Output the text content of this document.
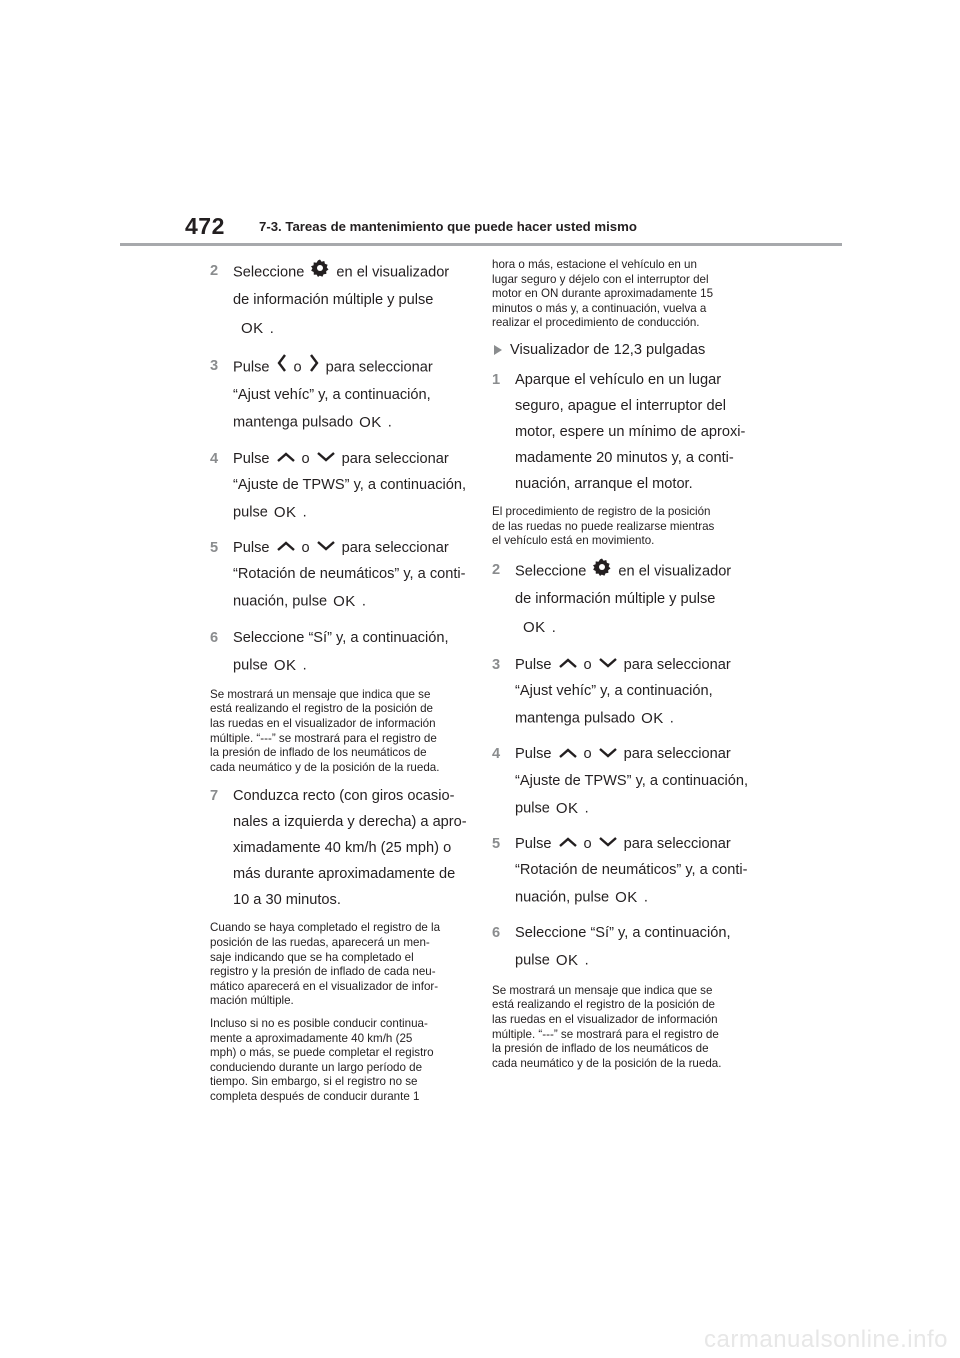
472	7-3. Tareas de mantenimiento que puede hacer usted mismo
2 Seleccione en el visualizador
de información múltiple y pulse
OK .
3 Pulse o para seleccionar
“Ajust vehíc” y, a continuación,
mantenga pulsado OK .
4 Pulse o para seleccionar
“Ajuste de TPWS” y, a continuación,
pulse OK .
5 Pulse o para seleccionar
“Rotación de neumáticos” y, a conti-
nuación, pulse OK .
6 Seleccione “Sí” y, a continuación,
pulse OK .
Se mostrará un mensaje que indica que se
está realizando el registro de la posición de
las ruedas en el visualizador de información
múltiple. “---” se mostrará para el registro de
la presión de inflado de los neumáticos de
cada neumático y de la posición de la rueda.
7 Conduzca recto (con giros ocasio-
nales a izquierda y derecha) a apro-
ximadamente 40 km/h (25 mph) o
más durante aproximadamente de
10 a 30 minutos.
Cuando se haya completado el registro de la
posición de las ruedas, aparecerá un men-
saje indicando que se ha completado el
registro y la presión de inflado de cada neu-
mático aparecerá en el visualizador de infor-
mación múltiple.
Incluso si no es posible conducir continua-
mente a aproximadamente 40 km/h (25
mph) o más, se puede completar el registro
conduciendo durante un largo período de
tiempo. Sin embargo, si el registro no se
completa después de conducir durante 1
hora o más, estacione el vehículo en un
lugar seguro y déjelo con el interruptor del
motor en ON durante aproximadamente 15
minutos o más y, a continuación, vuelva a
realizar el procedimiento de conducción.
Visualizador de 12,3 pulgadas
1 Aparque el vehículo en un lugar
seguro, apague el interruptor del
motor, espere un mínimo de aproxi-
madamente 20 minutos y, a conti-
nuación, arranque el motor.
El procedimiento de registro de la posición
de las ruedas no puede realizarse mientras
el vehículo está en movimiento.
2 Seleccione en el visualizador
de información múltiple y pulse
OK .
3 Pulse o para seleccionar
“Ajust vehíc” y, a continuación,
mantenga pulsado OK .
4 Pulse o para seleccionar
“Ajuste de TPWS” y, a continuación,
pulse OK .
5 Pulse o para seleccionar
“Rotación de neumáticos” y, a conti-
nuación, pulse OK .
6 Seleccione “Sí” y, a continuación,
pulse OK .
Se mostrará un mensaje que indica que se
está realizando el registro de la posición de
las ruedas en el visualizador de información
múltiple. “---” se mostrará para el registro de
la presión de inflado de los neumáticos de
cada neumático y de la posición de la rueda.
carmanualsonline.info
